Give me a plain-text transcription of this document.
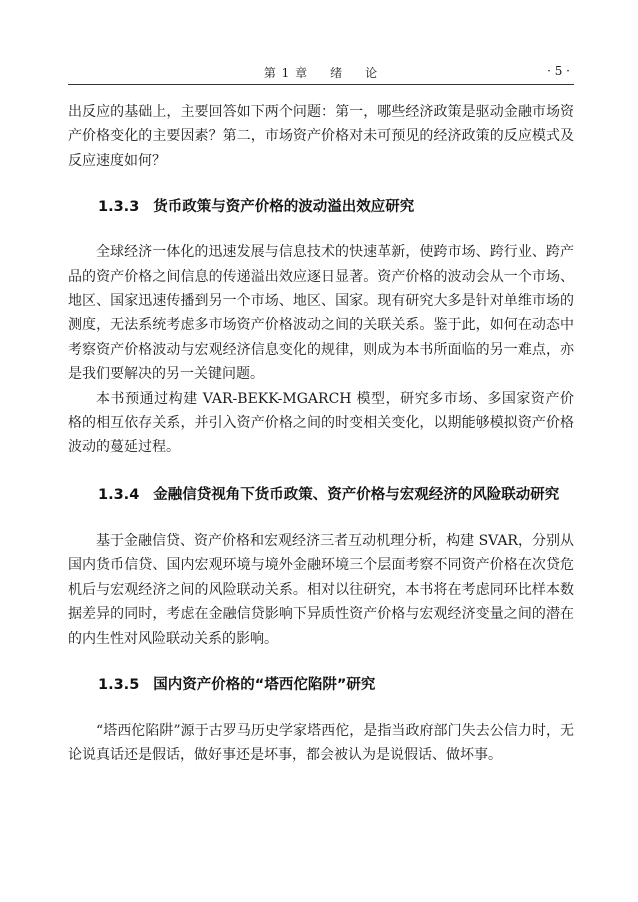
第 1 章 绪 论	· 5 ·

出反应的基础上，主要回答如下两个问题：第一，哪些经济政策是驱动金融市场资产价格变化的主要因素？第二，市场资产价格对未可预见的经济政策的反应模式及反应速度如何？

1.3.3 货币政策与资产价格的波动溢出效应研究

全球经济一体化的迅速发展与信息技术的快速革新，使跨市场、跨行业、跨产品的资产价格之间信息的传递溢出效应逐日显著。资产价格的波动会从一个市场、地区、国家迅速传播到另一个市场、地区、国家。现有研究大多是针对单维市场的测度，无法系统考虑多市场资产价格波动之间的关联关系。鉴于此，如何在动态中考察资产价格波动与宏观经济信息变化的规律，则成为本书所面临的另一难点，亦是我们要解决的另一关键问题。

本书预通过构建 VAR-BEKK-MGARCH 模型，研究多市场、多国家资产价格的相互依存关系，并引入资产价格之间的时变相关变化，以期能够模拟资产价格波动的蔓延过程。

1.3.4 金融信贷视角下货币政策、资产价格与宏观经济的风险联动研究

基于金融信贷、资产价格和宏观经济三者互动机理分析，构建 SVAR，分别从国内货币信贷、国内宏观环境与境外金融环境三个层面考察不同资产价格在次贷危机后与宏观经济之间的风险联动关系。相对以往研究，本书将在考虑同环比样本数据差异的同时，考虑在金融信贷影响下异质性资产价格与宏观经济变量之间的潜在的内生性对风险联动关系的影响。

1.3.5 国内资产价格的“塔西佗陷阱”研究

“塔西佗陷阱”源于古罗马历史学家塔西佗，是指当政府部门失去公信力时，无论说真话还是假话，做好事还是坏事，都会被认为是说假话、做坏事。
